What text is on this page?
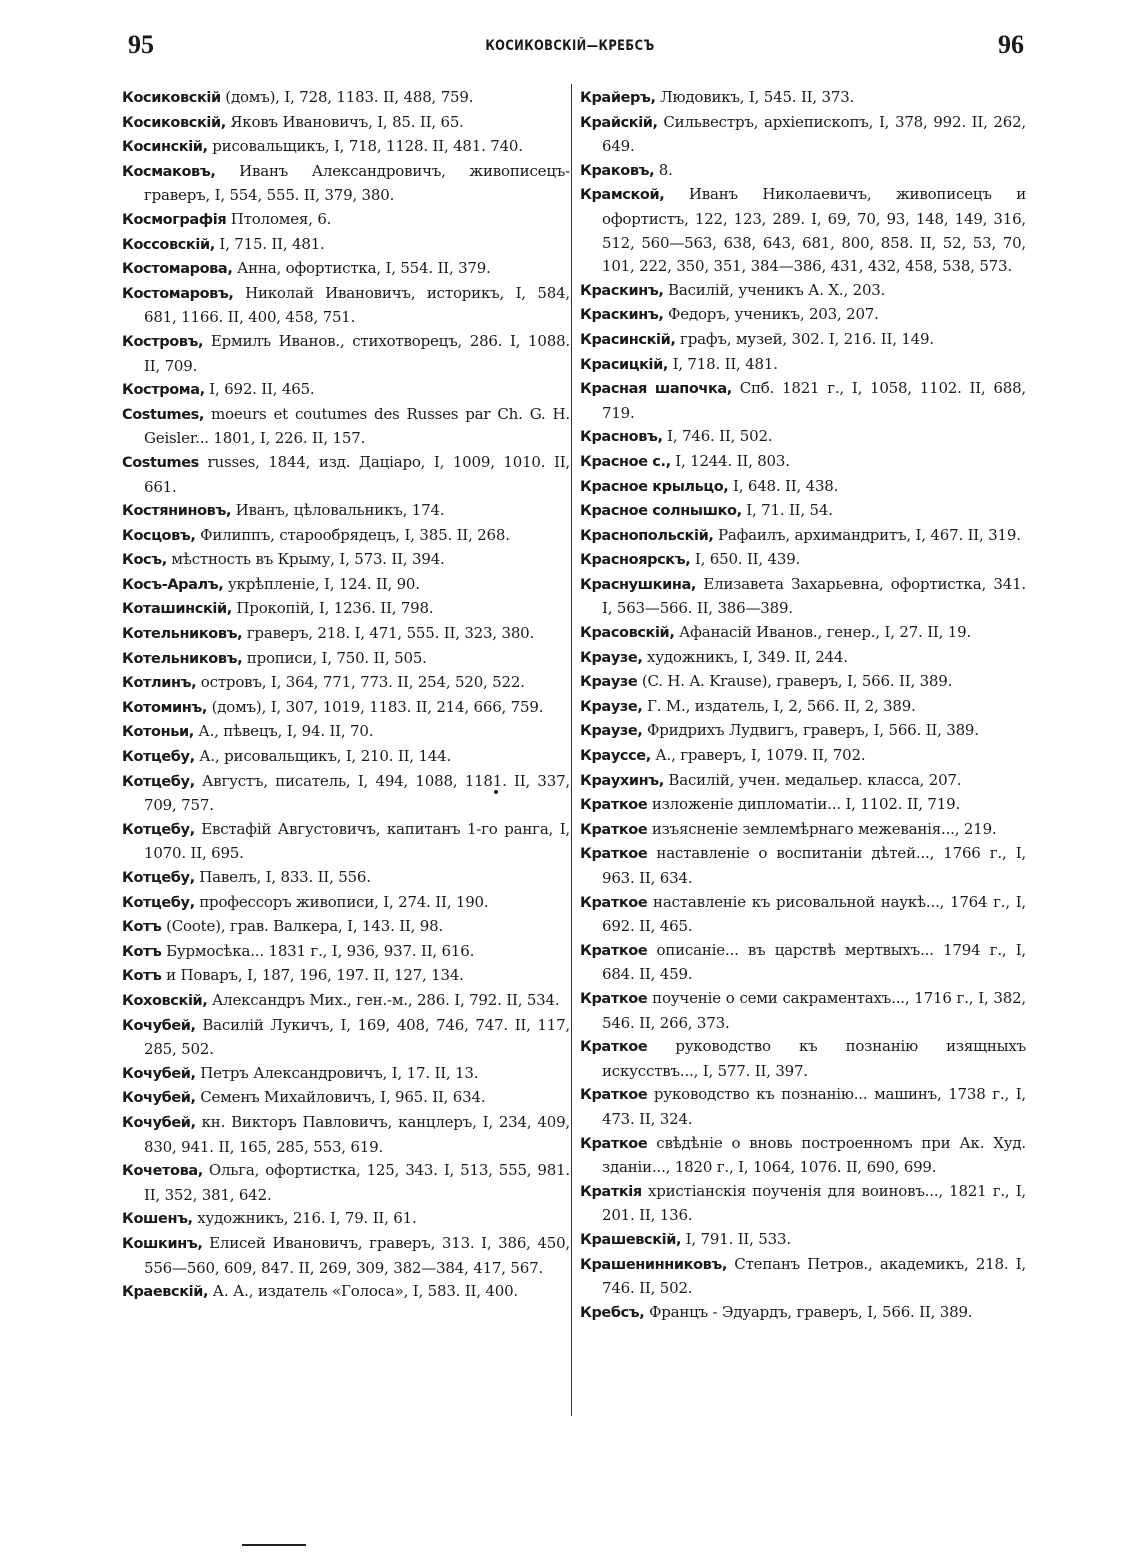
95	КОСИКОВСКІЙ—КРЕБСЪ	96

Косиковскій (домъ), I, 728, 1183. II, 488, 759.

Косиковскій, Яковъ Ивановичъ, I, 85. II, 65.

Косинскій, рисовальщикъ, I, 718, 1128. II, 481. 740.

Космаковъ, Иванъ Александровичъ, живописецъ-граверъ, I, 554, 555. II, 379, 380.

Космографія Птоломея, 6.

Коссовскій, I, 715. II, 481.

Костомарова, Анна, офортистка, I, 554. II, 379.

Костомаровъ, Николай Ивановичъ, историкъ, I, 584, 681, 1166. II, 400, 458, 751.

Костровъ, Ермилъ Иванов., стихотворецъ, 286. I, 1088. II, 709.

Кострома, I, 692. II, 465.

Costumes, moeurs et coutumes des Russes par Ch. G. H. Geisler... 1801, I, 226. II, 157.

Costumes russes, 1844, изд. Даціаро, I, 1009, 1010. II, 661.

Костяниновъ, Иванъ, цѣловальникъ, 174.

Косцовъ, Филиппъ, старообрядецъ, I, 385. II, 268.

Косъ, мѣстность въ Крыму, I, 573. II, 394.

Косъ-Аралъ, укрѣпленіе, I, 124. II, 90.

Коташинскій, Прокопій, I, 1236. II, 798.

Котельниковъ, граверъ, 218. I, 471, 555. II, 323, 380.

Котельниковъ, прописи, I, 750. II, 505.

Котлинъ, островъ, I, 364, 771, 773. II, 254, 520, 522.

Котоминъ, (домъ), I, 307, 1019, 1183. II, 214, 666, 759.

Котоньи, А., пѣвецъ, I, 94. II, 70.

Котцебу, А., рисовальщикъ, I, 210. II, 144.

Котцебу, Августъ, писатель, I, 494, 1088, 1181. II, 337, 709, 757.

Котцебу, Евстафій Августовичъ, капитанъ 1-го ранга, I, 1070. II, 695.

Котцебу, Павелъ, I, 833. II, 556.

Котцебу, профессоръ живописи, I, 274. II, 190.

Котъ (Coote), грав. Валкера, I, 143. II, 98.

Котъ Бурмосѣка... 1831 г., I, 936, 937. II, 616.

Котъ и Поваръ, I, 187, 196, 197. II, 127, 134.

Коховскій, Александръ Мих., ген.-м., 286. I, 792. II, 534.

Кочубей, Василій Луκичъ, I, 169, 408, 746, 747. II, 117, 285, 502.

Кочубей, Петръ Александровичъ, I, 17. II, 13.

Кочубей, Семенъ Михайловичъ, I, 965. II, 634.

Кочубей, кн. Викторъ Павловичъ, канцлеръ, I, 234, 409, 830, 941. II, 165, 285, 553, 619.

Кочетова, Ольга, офортистка, 125, 343. I, 513, 555, 981. II, 352, 381, 642.

Кошенъ, художникъ, 216. I, 79. II, 61.

Кошкинъ, Елисей Ивановичъ, граверъ, 313. I, 386, 450, 556—560, 609, 847. II, 269, 309, 382—384, 417, 567.

Краевскій, А. А., издатель «Голоса», I, 583. II, 400.

Крайеръ, Людовикъ, I, 545. II, 373.

Крайскій, Сильвестръ, архіепископъ, I, 378, 992. II, 262, 649.

Краковъ, 8.

Крамской, Иванъ Николаевичъ, живописецъ и офортистъ, 122, 123, 289. I, 69, 70, 93, 148, 149, 316, 512, 560—563, 638, 643, 681, 800, 858. II, 52, 53, 70, 101, 222, 350, 351, 384—386, 431, 432, 458, 538, 573.

Краскинъ, Василій, ученикъ А. Х., 203.

Краскинъ, Федоръ, ученикъ, 203, 207.

Красинскій, графъ, музей, 302. I, 216. II, 149.

Красицкій, I, 718. II, 481.

Красная шапочка, Спб. 1821 г., I, 1058, 1102. II, 688, 719.

Красновъ, I, 746. II, 502.

Красное с., I, 1244. II, 803.

Красное крыльцо, I, 648. II, 438.

Красное солнышко, I, 71. II, 54.

Краснопольскій, Рафаилъ, архимандритъ, I, 467. II, 319.

Красноярскъ, I, 650. II, 439.

Краснушкина, Елизавета Захарьевна, офортистка, 341. I, 563—566. II, 386—389.

Красовскій, Афанасій Иванов., генер., I, 27. II, 19.

Краузе, художникъ, I, 349. II, 244.

Краузе (C. H. A. Krause), граверъ, I, 566. II, 389.

Краузе, Г. М., издатель, I, 2, 566. II, 2, 389.

Краузе, Фридрихъ Лудвигъ, граверъ, I, 566. II, 389.

Краусce, А., граверъ, I, 1079. II, 702.

Краухинъ, Василій, учен. медальер. класса, 207.

Краткое изложеніе дипломатіи... I, 1102. II, 719.

Краткое изъясненіе землемѣрнаго межеванія..., 219.

Краткое наставленіе о воспитаніи дѣтей..., 1766 г., I, 963. II, 634.

Краткое наставленіе къ рисовальной наукѣ..., 1764 г., I, 692. II, 465.

Краткое описаніе... въ царствѣ мертвыхъ... 1794 г., I, 684. II, 459.

Краткое поученіе о семи сакраментахъ..., 1716 г., I, 382, 546. II, 266, 373.

Краткое руководство къ познанію изящныхъ искусствъ..., I, 577. II, 397.

Краткое руководство къ познанію... машинъ, 1738 г., I, 473. II, 324.

Краткое свѣдѣніе о вновь построенномъ при Ак. Худ. зданіи..., 1820 г., I, 1064, 1076. II, 690, 699.

Краткія христіанскія поученія для воиновъ..., 1821 г., I, 201. II, 136.

Крашевскій, I, 791. II, 533.

Крашенинниковъ, Степанъ Петров., академикъ, 218. I, 746. II, 502.

Кребсъ, Францъ - Эдуардъ, граверъ, I, 566. II, 389.
